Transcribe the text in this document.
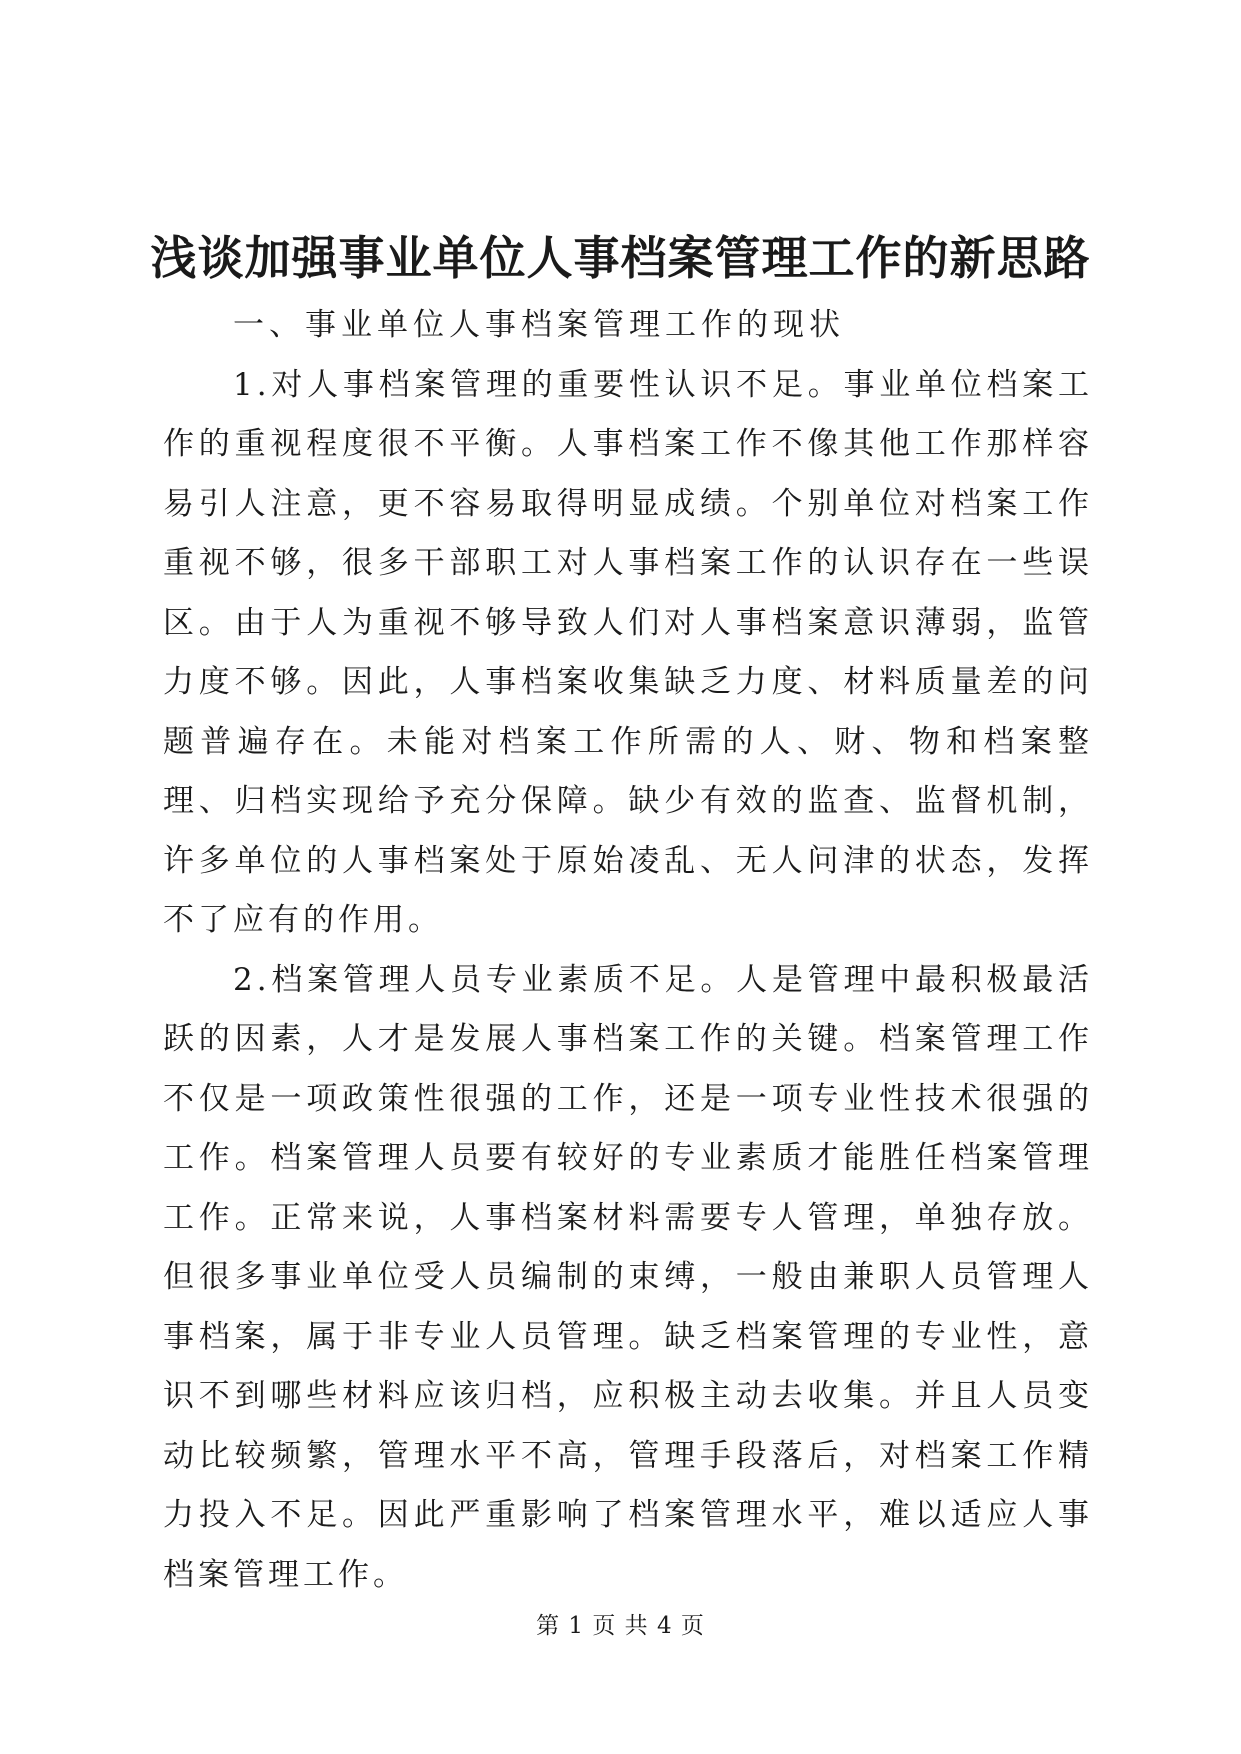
浅谈加强事业单位人事档案管理工作的新思路

一、事业单位人事档案管理工作的现状

1.对人事档案管理的重要性认识不足。事业单位档案工作的重视程度很不平衡。人事档案工作不像其他工作那样容易引人注意，更不容易取得明显成绩。个别单位对档案工作重视不够，很多干部职工对人事档案工作的认识存在一些误区。由于人为重视不够导致人们对人事档案意识薄弱，监管力度不够。因此，人事档案收集缺乏力度、材料质量差的问题普遍存在。未能对档案工作所需的人、财、物和档案整理、归档实现给予充分保障。缺少有效的监查、监督机制，许多单位的人事档案处于原始凌乱、无人问津的状态，发挥不了应有的作用。

2.档案管理人员专业素质不足。人是管理中最积极最活跃的因素，人才是发展人事档案工作的关键。档案管理工作不仅是一项政策性很强的工作，还是一项专业性技术很强的工作。档案管理人员要有较好的专业素质才能胜任档案管理工作。正常来说，人事档案材料需要专人管理，单独存放。但很多事业单位受人员编制的束缚，一般由兼职人员管理人事档案，属于非专业人员管理。缺乏档案管理的专业性，意识不到哪些材料应该归档，应积极主动去收集。并且人员变动比较频繁，管理水平不高，管理手段落后，对档案工作精力投入不足。因此严重影响了档案管理水平，难以适应人事档案管理工作。

第 1 页 共 4 页
